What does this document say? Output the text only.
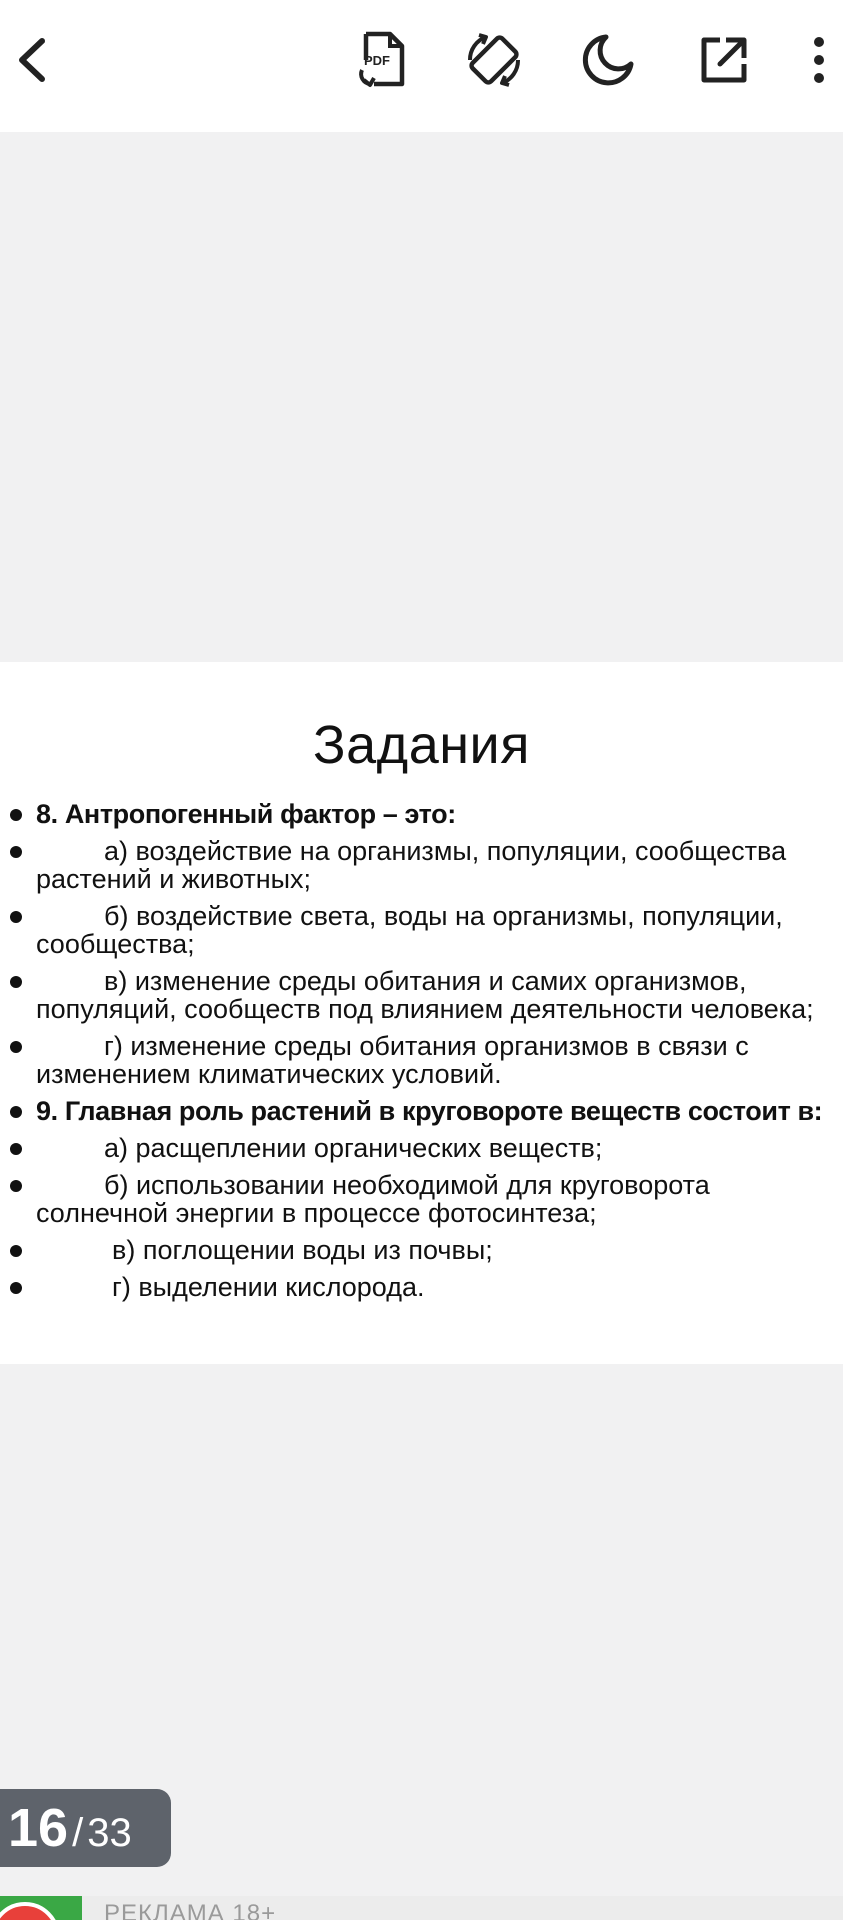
PDF
Задания
8. Антропогенный фактор – это:
а) воздействие на организмы, популяции, сообщества растений и животных;
б) воздействие света, воды на организмы, популяции, сообщества;
в) изменение среды обитания и самих организмов, популяций, сообществ под влиянием деятельности человека;
г) изменение среды обитания организмов в связи с изменением климатических условий.
9. Главная роль растений в круговороте веществ состоит в:
а) расщеплении органических веществ;
б) использовании необходимой для круговорота солнечной энергии в процессе фотосинтеза;
в) поглощении воды из почвы;
г) выделении кислорода.
16 / 33
РЕКЛАМА 18+
